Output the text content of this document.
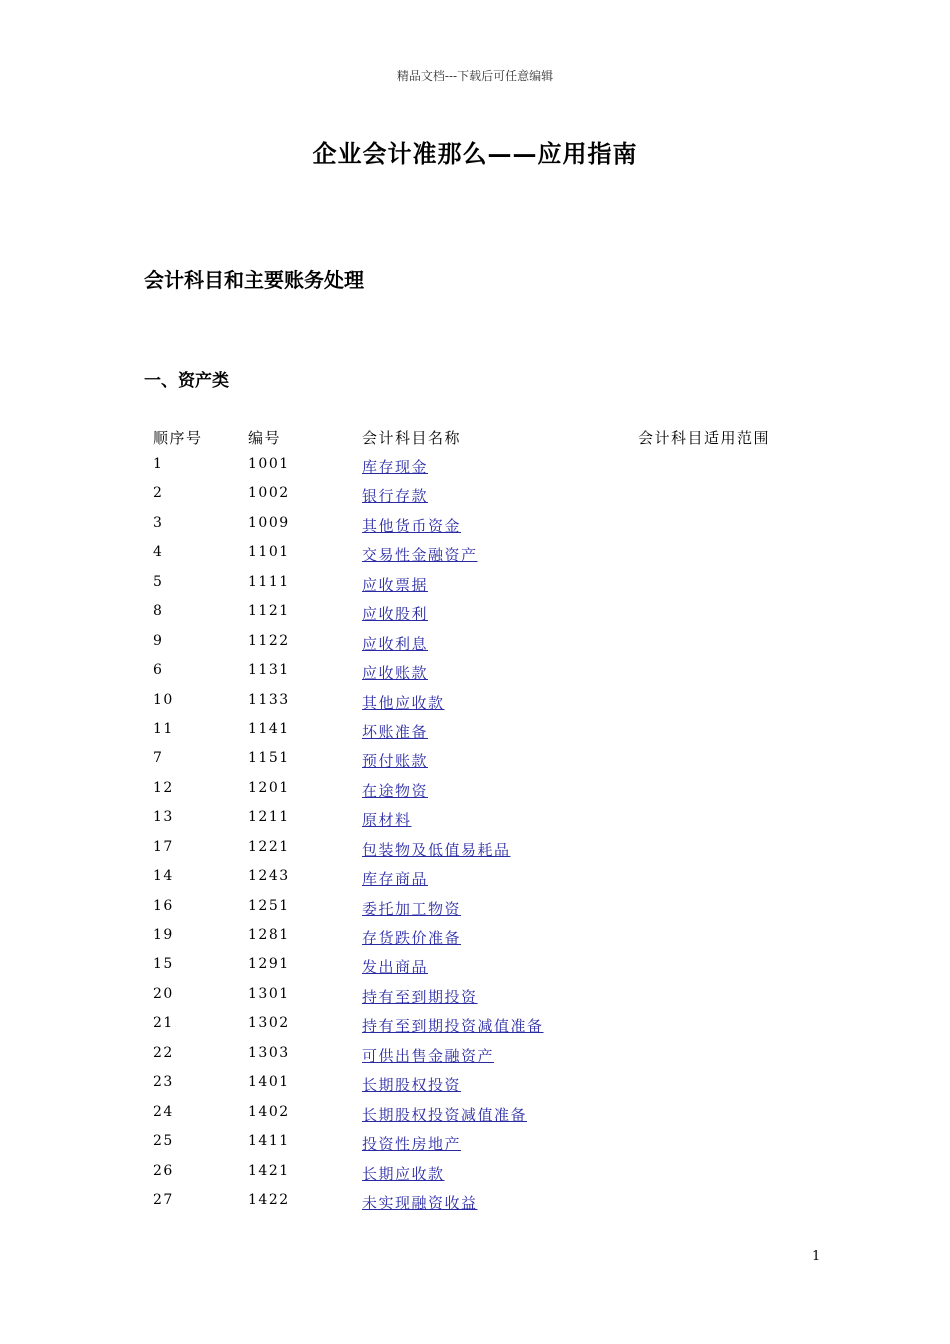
精品文档---下载后可任意编辑
企业会计准那么——应用指南
会计科目和主要账务处理
一、资产类
顺序号	编号	会计科目名称	会计科目适用范围
1	1001	库存现金
2	1002	银行存款
3	1009	其他货币资金
4	1101	交易性金融资产
5	1111	应收票据
8	1121	应收股利
9	1122	应收利息
6	1131	应收账款
10	1133	其他应收款
11	1141	坏账准备
7	1151	预付账款
12	1201	在途物资
13	1211	原材料
17	1221	包装物及低值易耗品
14	1243	库存商品
16	1251	委托加工物资
19	1281	存货跌价准备
15	1291	发出商品
20	1301	持有至到期投资
21	1302	持有至到期投资减值准备
22	1303	可供出售金融资产
23	1401	长期股权投资
24	1402	长期股权投资减值准备
25	1411	投资性房地产
26	1421	长期应收款
27	1422	未实现融资收益
1
